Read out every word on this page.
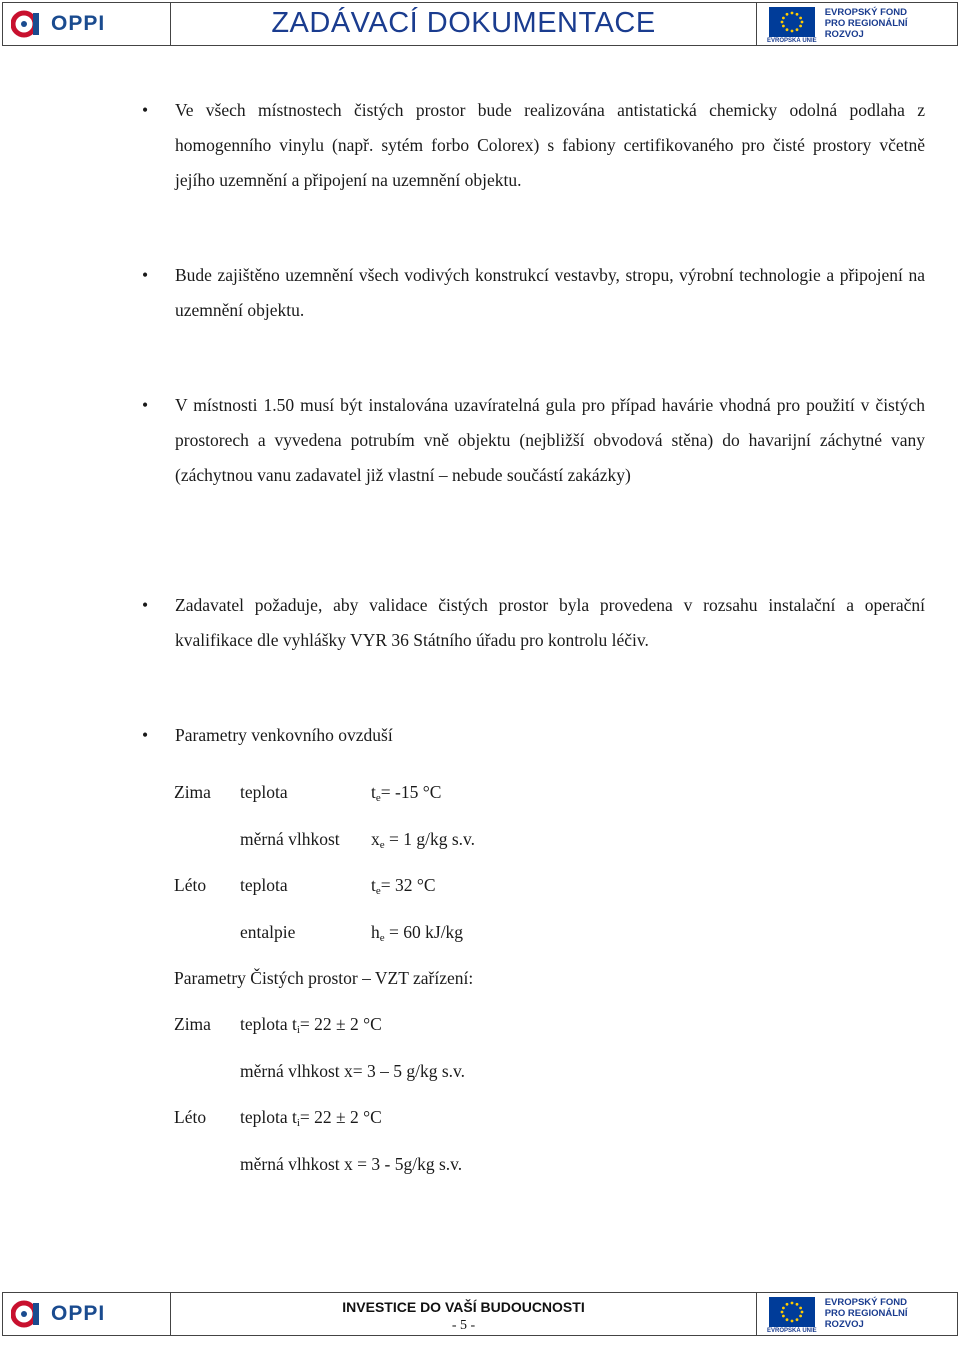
OPPI	ZADÁVACÍ DOKUMENTACE
EVROPSKÁ UNIE
EVROPSKÝ FOND
PRO REGIONÁLNÍ
ROZVOJ
• Ve všech místnostech čistých prostor bude realizována antistatická chemicky odolná podlaha z homogenního vinylu (např. sytém forbo Colorex) s fabiony certifikovaného pro čisté prostory včetně jejího uzemnění a připojení na uzemnění objektu.
• Bude zajištěno uzemnění všech vodivých konstrukcí vestavby, stropu, výrobní technologie a připojení na uzemnění objektu.
• V místnosti 1.50 musí být instalována uzavíratelná gula pro případ havárie vhodná pro použití v čistých prostorech a vyvedena potrubím vně objektu (nejbližší obvodová stěna) do havarijní záchytné vany (záchytnou vanu zadavatel již vlastní – nebude součástí zakázky)
• Zadavatel požaduje, aby validace čistých prostor byla provedena v rozsahu instalační a operační kvalifikace dle vyhlášky VYR 36 Státního úřadu pro kontrolu léčiv.
• Parametry venkovního ovzduší
Zima teplota	$t_e= -15$ °C
měrná vlhkost $x_e = 1$ g/kg s.v.
Léto teplota	$t_e= 32$ °C
entalpie	$h_e = 60$ kJ/kg
Parametry Čistých prostor – VZT zařízení:
Zima teplota $t_i= 22 \pm 2$ °C
měrná vlhkost x= 3 – 5 g/kg s.v.
Léto teplota $t_i= 22 \pm 2$ °C
měrná vlhkost x = 3 - 5g/kg s.v.
OPPI	INVESTICE DO VAŠÍ BUDOUCNOSTI
- 5 -	EVROPSKÁ UNIE
EVROPSKÝ FOND
PRO REGIONÁLNÍ
ROZVOJ
